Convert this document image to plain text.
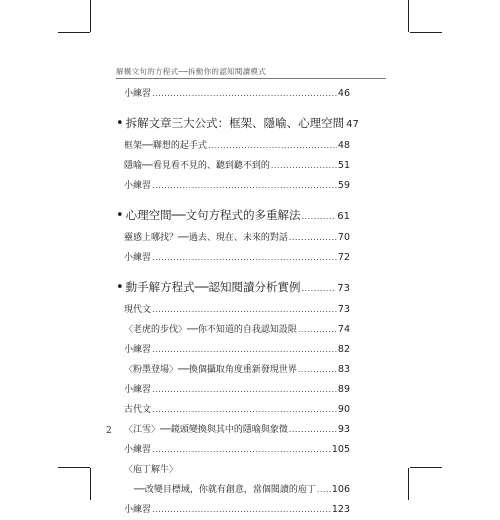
解構文句的方程式──拆動你的認知閱讀模式
小練習 .....	46
• 拆解文章三大公式：框架、隱喻、心理空間 47
框架──聯想的起手式 .....	48
隱喻──看見看不見的、聽到聽不到的 .....	51
小練習 .....	59
• 心理空間──文句方程式的多重解法 .....	61
靈感上哪找？──過去、現在、未來的對話 .....	70
小練習 .....	72
• 動手解方程式──認知閱讀分析實例 .....	73
現代文 .....	73
〈老虎的步伐〉──你不知道的自我認知設限 .....	74
小練習 .....	82
〈粉墨登場〉──換個攝取角度重新發現世界 .....	83
小練習 .....	89
古代文 .....	90
〈江雪〉──鏡頭變換與其中的隱喻與象徵 .....	93
小練習 .....	105
〈庖丁解牛〉
──改變目標域，你就有創意，當個閱讀的庖丁 ..... 106
小練習 .....	123
2
